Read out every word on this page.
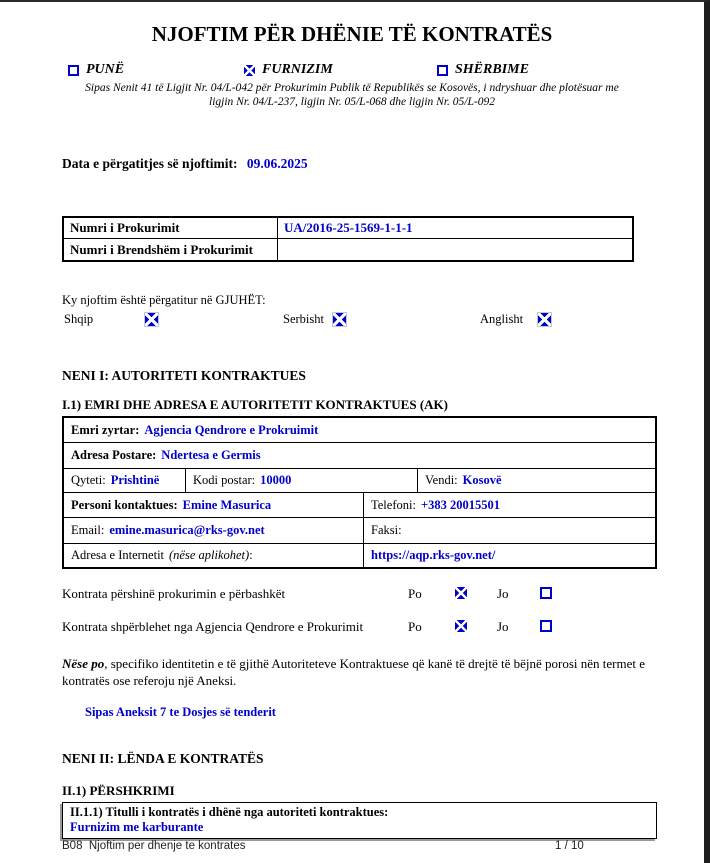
NJOFTIM PËR DHËNIE TË KONTRATËS
PUNË	FURNIZIM	SHËRBIME
Sipas Nenit 41 të Ligjit Nr. 04/L-042 për Prokurimin Publik të Republikës se Kosovës, i ndryshuar dhe plotësuar me
ligjin Nr. 04/L-237, ligjin Nr. 05/L-068 dhe ligjin Nr. 05/L-092
Data e përgatitjes së njoftimit: 09.06.2025
Numri i Prokurimit	UA/2016-25-1569-1-1-1
Numri i Brendshëm i Prokurimit
Ky njoftim është përgatitur në GJUHËT:
Shqip	Serbisht	Anglisht
NENI I: AUTORITETI KONTRAKTUES
I.1) EMRI DHE ADRESA E AUTORITETIT KONTRAKTUES (AK)
Emri zyrtar: Agjencia Qendrore e Prokruimit
Adresa Postare: Ndertesa e Germis
Qyteti: Prishtinë	Kodi postar: 10000	Vendi: Kosovë
Personi kontaktues: Emine Masurica	Telefoni: +383 20015501
Email: emine.masurica@rks-gov.net	Faksi:
Adresa e Internetit (nëse aplikohet) :	https://aqp.rks-gov.net/
Kontrata përshinë prokurimin e përbashkët	Po	Jo
Kontrata shpërblehet nga Agjencia Qendrore e Prokurimit	Po	Jo
Nëse po, specifiko identitetin e të gjithë Autoriteteve Kontraktuese që kanë të drejtë të bëjnë porosi nën termet e kontratës ose referoju një Aneksi.
Sipas Aneksit 7 te Dosjes së tenderit
NENI II: LËNDA E KONTRATËS
II.1) PËRSHKRIMI
II.1.1) Titulli i kontratës i dhënë nga autoriteti kontraktues:
Furnizim me karburante
B08  Njoftim per dhenje te kontrates	1 / 10
